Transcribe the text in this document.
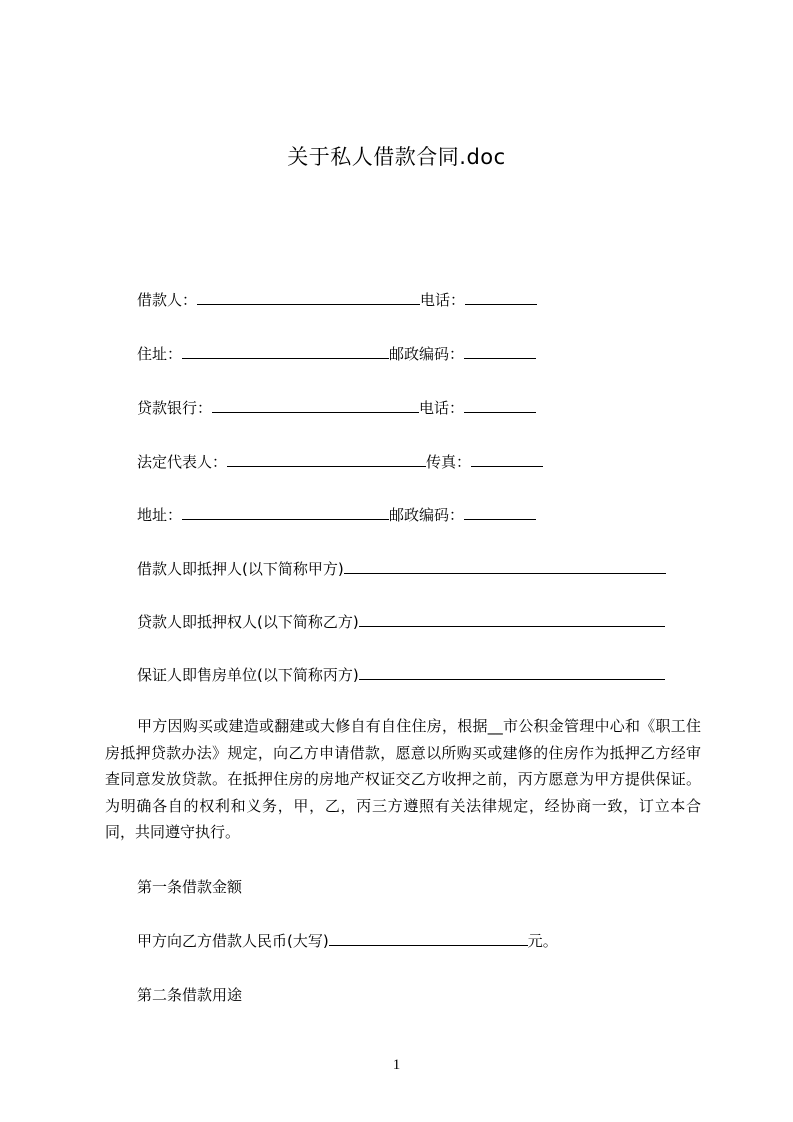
关于私人借款合同.doc
借款人：	电话：
住址：	邮政编码：
贷款银行：	电话：
法定代表人：	传真：
地址：	邮政编码：
借款人即抵押人(以下简称甲方)
贷款人即抵押权人(以下简称乙方)
保证人即售房单位(以下简称丙方)
甲方因购买或建造或翻建或大修自有自住住房，根据__市公积金管理中心和《职工住房抵押贷款办法》规定，向乙方申请借款，愿意以所购买或建修的住房作为抵押乙方经审查同意发放贷款。在抵押住房的房地产权证交乙方收押之前，丙方愿意为甲方提供保证。为明确各自的权利和义务，甲，乙，丙三方遵照有关法律规定，经协商一致，订立本合同，共同遵守执行。
第一条借款金额
甲方向乙方借款人民币(大写)	元。
第二条借款用途
1
